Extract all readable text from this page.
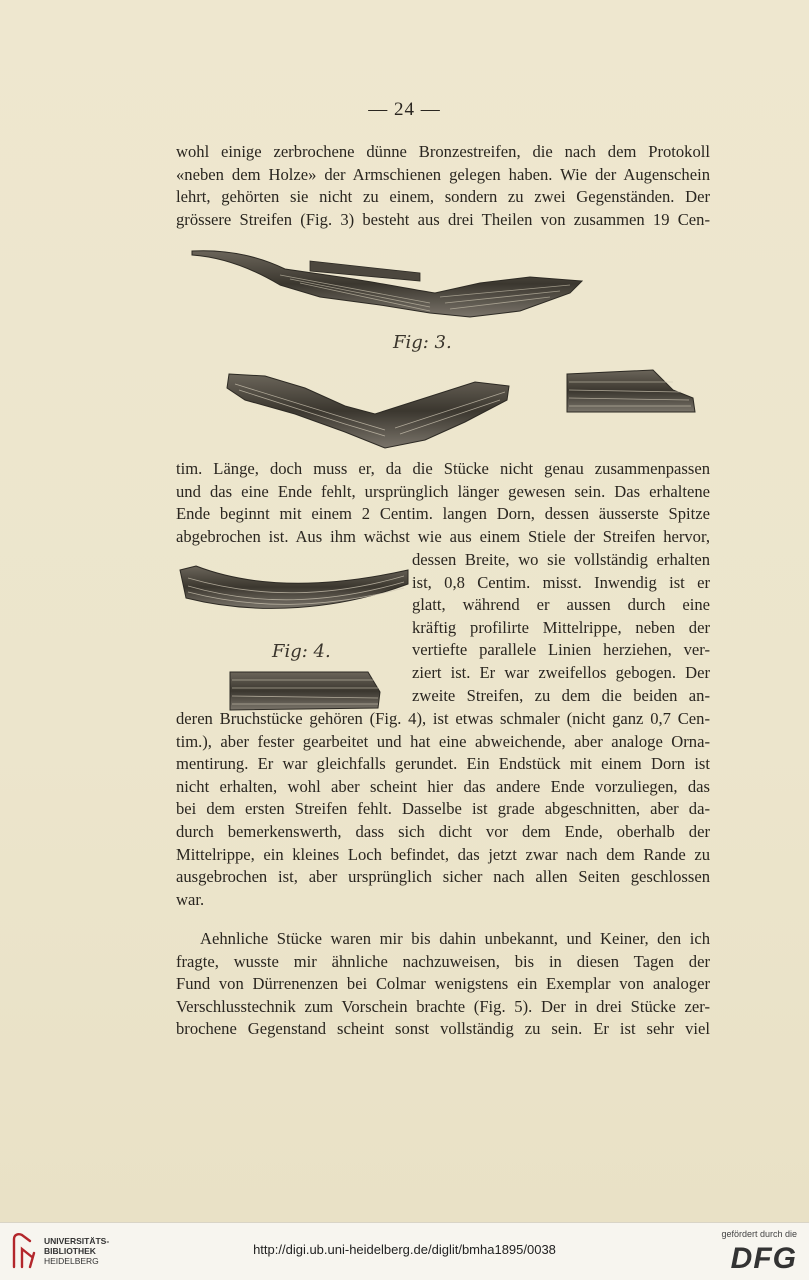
— 24 —
wohl einige zerbrochene dünne Bronzestreifen, die nach dem Protokoll
«neben dem Holze» der Armschienen gelegen haben. Wie der Augenschein
lehrt, gehörten sie nicht zu einem, sondern zu zwei Gegenständen. Der
grössere Streifen (Fig. 3) besteht aus drei Theilen von zusammen 19 Cen-
Fig: 3.
tim. Länge, doch muss er, da die Stücke nicht genau zusammenpassen
und das eine Ende fehlt, ursprünglich länger gewesen sein. Das erhaltene
Ende beginnt mit einem 2 Centim. langen Dorn, dessen äusserste Spitze
abgebrochen ist. Aus ihm wächst wie aus einem Stiele der Streifen hervor,
Fig: 4.
dessen Breite, wo sie vollständig erhalten
ist, 0,8 Centim. misst. Inwendig ist er
glatt, während er aussen durch eine
kräftig profilirte Mittelrippe, neben der
vertiefte parallele Linien herziehen, ver-
ziert ist. Er war zweifellos gebogen. Der
zweite Streifen, zu dem die beiden an-
deren Bruchstücke gehören (Fig. 4), ist etwas schmaler (nicht ganz 0,7 Cen-
tim.), aber fester gearbeitet und hat eine abweichende, aber analoge Orna-
mentirung. Er war gleichfalls gerundet. Ein Endstück mit einem Dorn ist
nicht erhalten, wohl aber scheint hier das andere Ende vorzuliegen, das
bei dem ersten Streifen fehlt. Dasselbe ist grade abgeschnitten, aber da-
durch bemerkenswerth, dass sich dicht vor dem Ende, oberhalb der
Mittelrippe, ein kleines Loch befindet, das jetzt zwar nach dem Rande zu
ausgebrochen ist, aber ursprünglich sicher nach allen Seiten geschlossen
war.
Aehnliche Stücke waren mir bis dahin unbekannt, und Keiner, den ich
fragte, wusste mir ähnliche nachzuweisen, bis in diesen Tagen der
Fund von Dürrenenzen bei Colmar wenigstens ein Exemplar von analoger
Verschlusstechnik zum Vorschein brachte (Fig. 5). Der in drei Stücke zer-
brochene Gegenstand scheint sonst vollständig zu sein. Er ist sehr viel
UNIVERSITÄTS-
BIBLIOTHEK
HEIDELBERG
http://digi.ub.uni-heidelberg.de/diglit/bmha1895/0038
gefördert durch die
DFG
